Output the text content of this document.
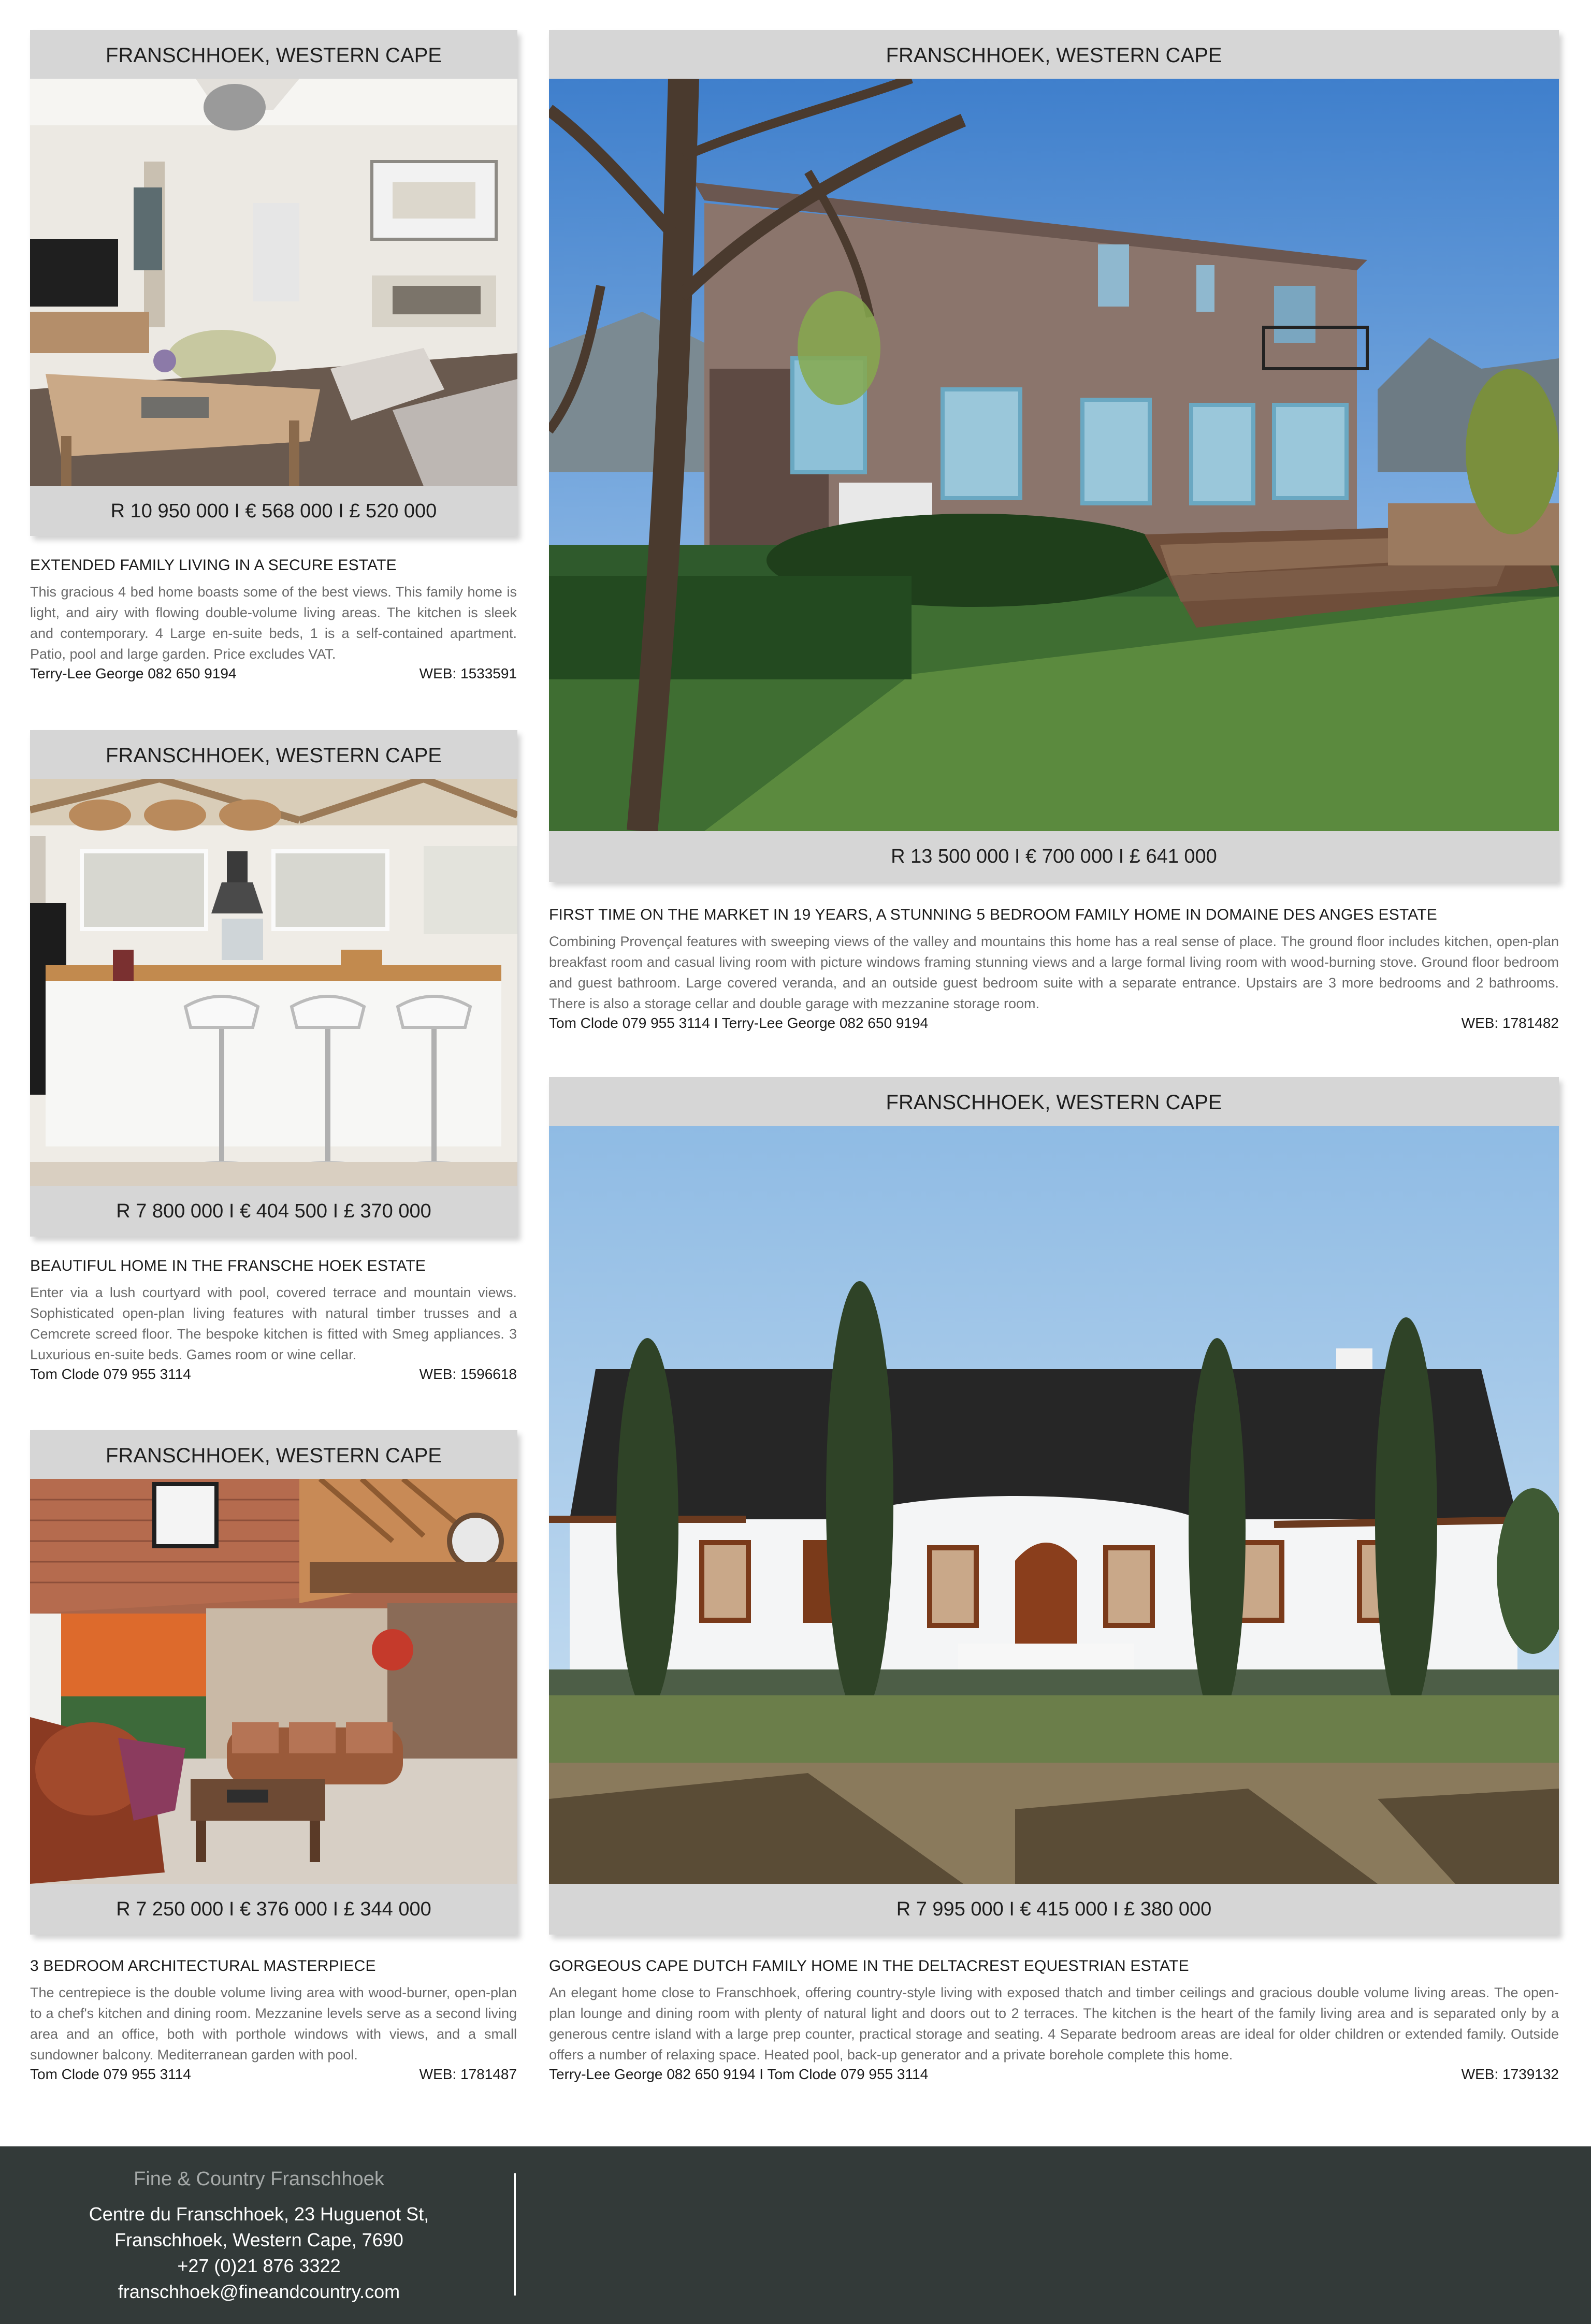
FRANSCHHOEK, WESTERN CAPE
R 10 950 000 I € 568 000 I £ 520 000
EXTENDED FAMILY LIVING IN A SECURE ESTATE

This gracious 4 bed home boasts some of the best views. This family home is light, and airy with flowing double-volume living areas. The kitchen is sleek and contemporary. 4 Large en-suite beds, 1 is a self-contained apartment. Patio, pool and large garden. Price excludes VAT.

Terry-Lee George 082 650 9194	WEB: 1533591
FRANSCHHOEK, WESTERN CAPE
R 13 500 000 I € 700 000 I £ 641 000
FIRST TIME ON THE MARKET IN 19 YEARS, A STUNNING 5 BEDROOM FAMILY HOME IN DOMAINE DES ANGES ESTATE

Combining Provençal features with sweeping views of the valley and mountains this home has a real sense of place. The ground floor includes kitchen, open-plan breakfast room and casual living room with picture windows framing stunning views and a large formal living room with wood-burning stove. Ground floor bedroom and guest bathroom. Large covered veranda, and an outside guest bedroom suite with a separate entrance. Upstairs are 3 more bedrooms and 2 bathrooms. There is also a storage cellar and double garage with mezzanine storage room.

Tom Clode 079 955 3114 I Terry-Lee George 082 650 9194	WEB: 1781482
FRANSCHHOEK, WESTERN CAPE
R 7 800 000 I € 404 500 I £ 370 000
BEAUTIFUL HOME IN THE FRANSCHE HOEK ESTATE

Enter via a lush courtyard with pool, covered terrace and mountain views. Sophisticated open-plan living features with natural timber trusses and a Cemcrete screed floor. The bespoke kitchen is fitted with Smeg appliances. 3 Luxurious en-suite beds. Games room or wine cellar.

Tom Clode 079 955 3114	WEB: 1596618
FRANSCHHOEK, WESTERN CAPE
R 7 250 000 I € 376 000 I £ 344 000
3 BEDROOM ARCHITECTURAL MASTERPIECE

The centrepiece is the double volume living area with wood-burner, open-plan to a chef's kitchen and dining room. Mezzanine levels serve as a second living area and an office, both with porthole windows with views, and a small sundowner balcony. Mediterranean garden with pool.

Tom Clode 079 955 3114	WEB: 1781487
FRANSCHHOEK, WESTERN CAPE
R 7 995 000 I € 415 000 I £ 380 000
GORGEOUS CAPE DUTCH FAMILY HOME IN THE DELTACREST EQUESTRIAN ESTATE

An elegant home close to Franschhoek, offering country-style living with exposed thatch and timber ceilings and gracious double volume living areas. The open-plan lounge and dining room with plenty of natural light and doors out to 2 terraces. The kitchen is the heart of the family living area and is separated only by a generous centre island with a large prep counter, practical storage and seating. 4 Separate bedroom areas are ideal for older children or extended family. Outside offers a number of relaxing space. Heated pool, back-up generator and a private borehole complete this home.

Terry-Lee George 082 650 9194 I Tom Clode 079 955 3114	WEB: 1739132
Fine & Country Franschhoek
Centre du Franschhoek, 23 Huguenot St,
Franschhoek, Western Cape, 7690
+27 (0)21 876 3322
franschhoek@fineandcountry.com
